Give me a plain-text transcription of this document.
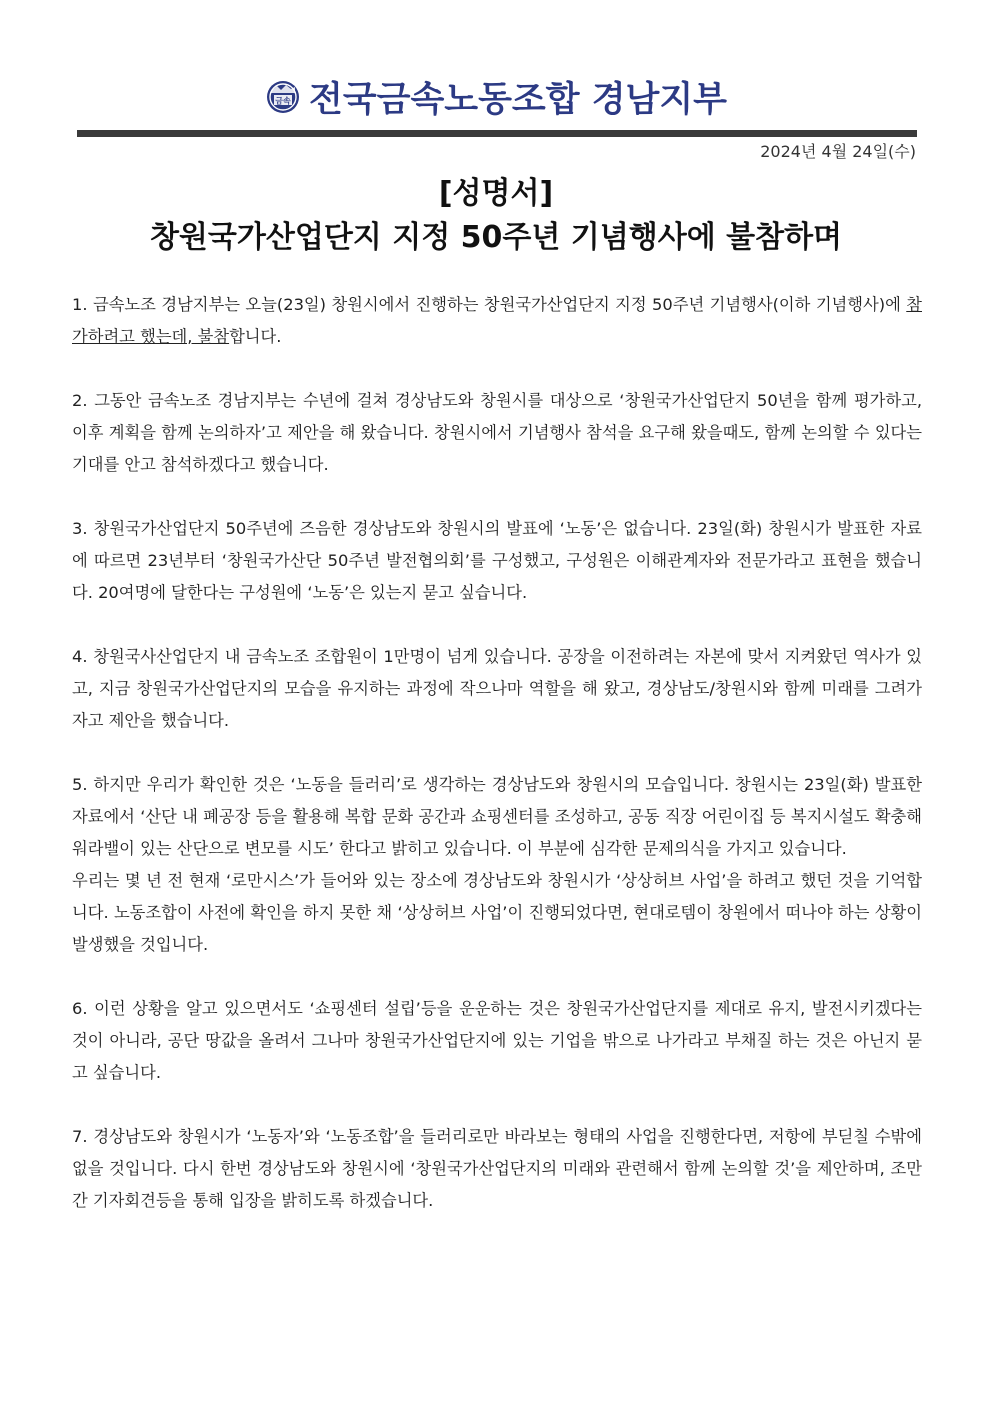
금속 전국금속노동조합 경남지부
2024년 4월 24일(수)
[성명서]
창원국가산업단지 지정 50주년 기념행사에 불참하며

1. 금속노조 경남지부는 오늘(23일) 창원시에서 진행하는 창원국가산업단지 지정 50주년 기념행사(이하 기념행사)에 참가하려고 했는데, 불참합니다.

2. 그동안 금속노조 경남지부는 수년에 걸쳐 경상남도와 창원시를 대상으로 ‘창원국가산업단지 50년을 함께 평가하고, 이후 계획을 함께 논의하자’고 제안을 해 왔습니다. 창원시에서 기념행사 참석을 요구해 왔을때도, 함께 논의할 수 있다는 기대를 안고 참석하겠다고 했습니다.

3. 창원국가산업단지 50주년에 즈음한 경상남도와 창원시의 발표에 ‘노동’은 없습니다. 23일(화) 창원시가 발표한 자료에 따르면 23년부터 ‘창원국가산단 50주년 발전협의회’를 구성했고, 구성원은 이해관계자와 전문가라고 표현을 했습니다. 20여명에 달한다는 구성원에 ‘노동’은 있는지 묻고 싶습니다.

4. 창원국사산업단지 내 금속노조 조합원이 1만명이 넘게 있습니다. 공장을 이전하려는 자본에 맞서 지켜왔던 역사가 있고, 지금 창원국가산업단지의 모습을 유지하는 과정에 작으나마 역할을 해 왔고, 경상남도/창원시와 함께 미래를 그려가자고 제안을 했습니다.

5. 하지만 우리가 확인한 것은 ‘노동을 들러리’로 생각하는 경상남도와 창원시의 모습입니다. 창원시는 23일(화) 발표한 자료에서 ‘산단 내 폐공장 등을 활용해 복합 문화 공간과 쇼핑센터를 조성하고, 공동 직장 어린이집 등 복지시설도 확충해 워라밸이 있는 산단으로 변모를 시도’ 한다고 밝히고 있습니다. 이 부분에 심각한 문제의식을 가지고 있습니다.

우리는 몇 년 전 현재 ‘로만시스’가 들어와 있는 장소에 경상남도와 창원시가 ‘상상허브 사업’을 하려고 했던 것을 기억합니다. 노동조합이 사전에 확인을 하지 못한 채 ‘상상허브 사업’이 진행되었다면, 현대로템이 창원에서 떠나야 하는 상황이 발생했을 것입니다.

6. 이런 상황을 알고 있으면서도 ‘쇼핑센터 설립’등을 운운하는 것은 창원국가산업단지를 제대로 유지, 발전시키겠다는 것이 아니라, 공단 땅값을 올려서 그나마 창원국가산업단지에 있는 기업을 밖으로 나가라고 부채질 하는 것은 아닌지 묻고 싶습니다.

7. 경상남도와 창원시가 ‘노동자’와 ‘노동조합’을 들러리로만 바라보는 형태의 사업을 진행한다면, 저항에 부딛칠 수밖에 없을 것입니다. 다시 한번 경상남도와 창원시에 ‘창원국가산업단지의 미래와 관련해서 함께 논의할 것’을 제안하며, 조만간 기자회견등을 통해 입장을 밝히도록 하겠습니다.
